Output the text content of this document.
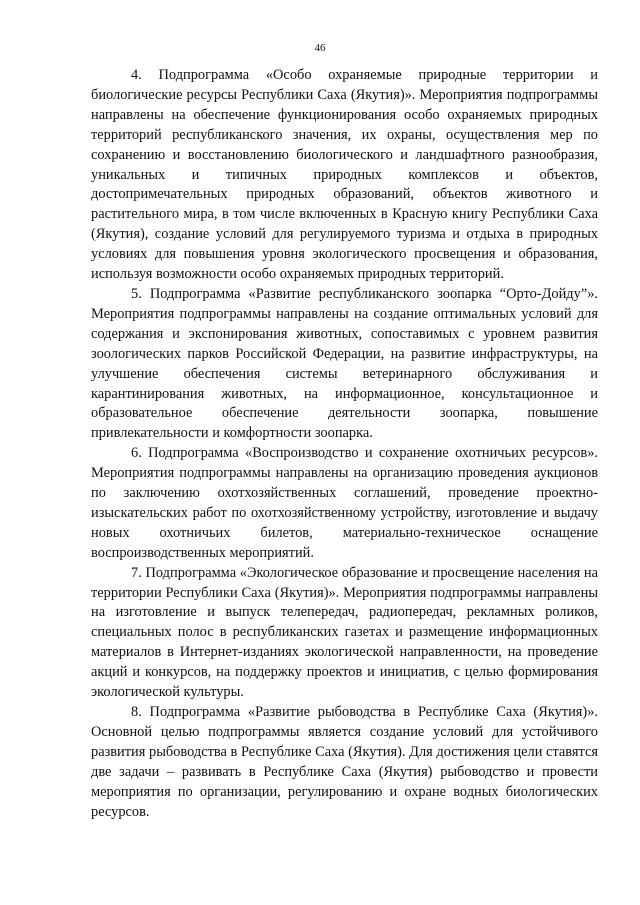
46

4. Подпрограмма «Особо охраняемые природные территории и биологические ресурсы Республики Саха (Якутия)». Мероприятия подпрограммы направлены на обеспечение функционирования особо охраняемых природных территорий республиканского значения, их охраны, осуществления мер по сохранению и восстановлению биологического и ландшафтного разнообразия, уникальных и типичных природных комплексов и объектов, достопримечательных природных образований, объектов животного и растительного мира, в том числе включенных в Красную книгу Республики Саха (Якутия), создание условий для регулируемого туризма и отдыха в природных условиях для повышения уровня экологического просвещения и образования, используя возможности особо охраняемых природных территорий.

5. Подпрограмма «Развитие республиканского зоопарка “Орто-Дойду”». Мероприятия подпрограммы направлены на создание оптимальных условий для содержания и экспонирования животных, сопоставимых с уровнем развития зоологических парков Российской Федерации, на развитие инфраструктуры, на улучшение обеспечения системы ветеринарного обслуживания и карантинирования животных, на информационное, консультационное и образовательное обеспечение деятельности зоопарка, повышение привлекательности и комфортности зоопарка.

6. Подпрограмма «Воспроизводство и сохранение охотничьих ресурсов». Мероприятия подпрограммы направлены на организацию проведения аукционов по заключению охотхозяйственных соглашений, проведение проектно-изыскательских работ по охотхозяйственному устройству, изготовление и выдачу новых охотничьих билетов, материально-техническое оснащение воспроизводственных мероприятий.

7. Подпрограмма «Экологическое образование и просвещение населения на территории Республики Саха (Якутия)». Мероприятия подпрограммы направлены на изготовление и выпуск телепередач, радиопередач, рекламных роликов, специальных полос в республиканских газетах и размещение информационных материалов в Интернет-изданиях экологической направленности, на проведение акций и конкурсов, на поддержку проектов и инициатив, с целью формирования экологической культуры.

8. Подпрограмма «Развитие рыбоводства в Республике Саха (Якутия)». Основной целью подпрограммы является создание условий для устойчивого развития рыбоводства в Республике Саха (Якутия). Для достижения цели ставятся две задачи – развивать в Республике Саха (Якутия) рыбоводство и провести мероприятия по организации, регулированию и охране водных биологических ресурсов.
